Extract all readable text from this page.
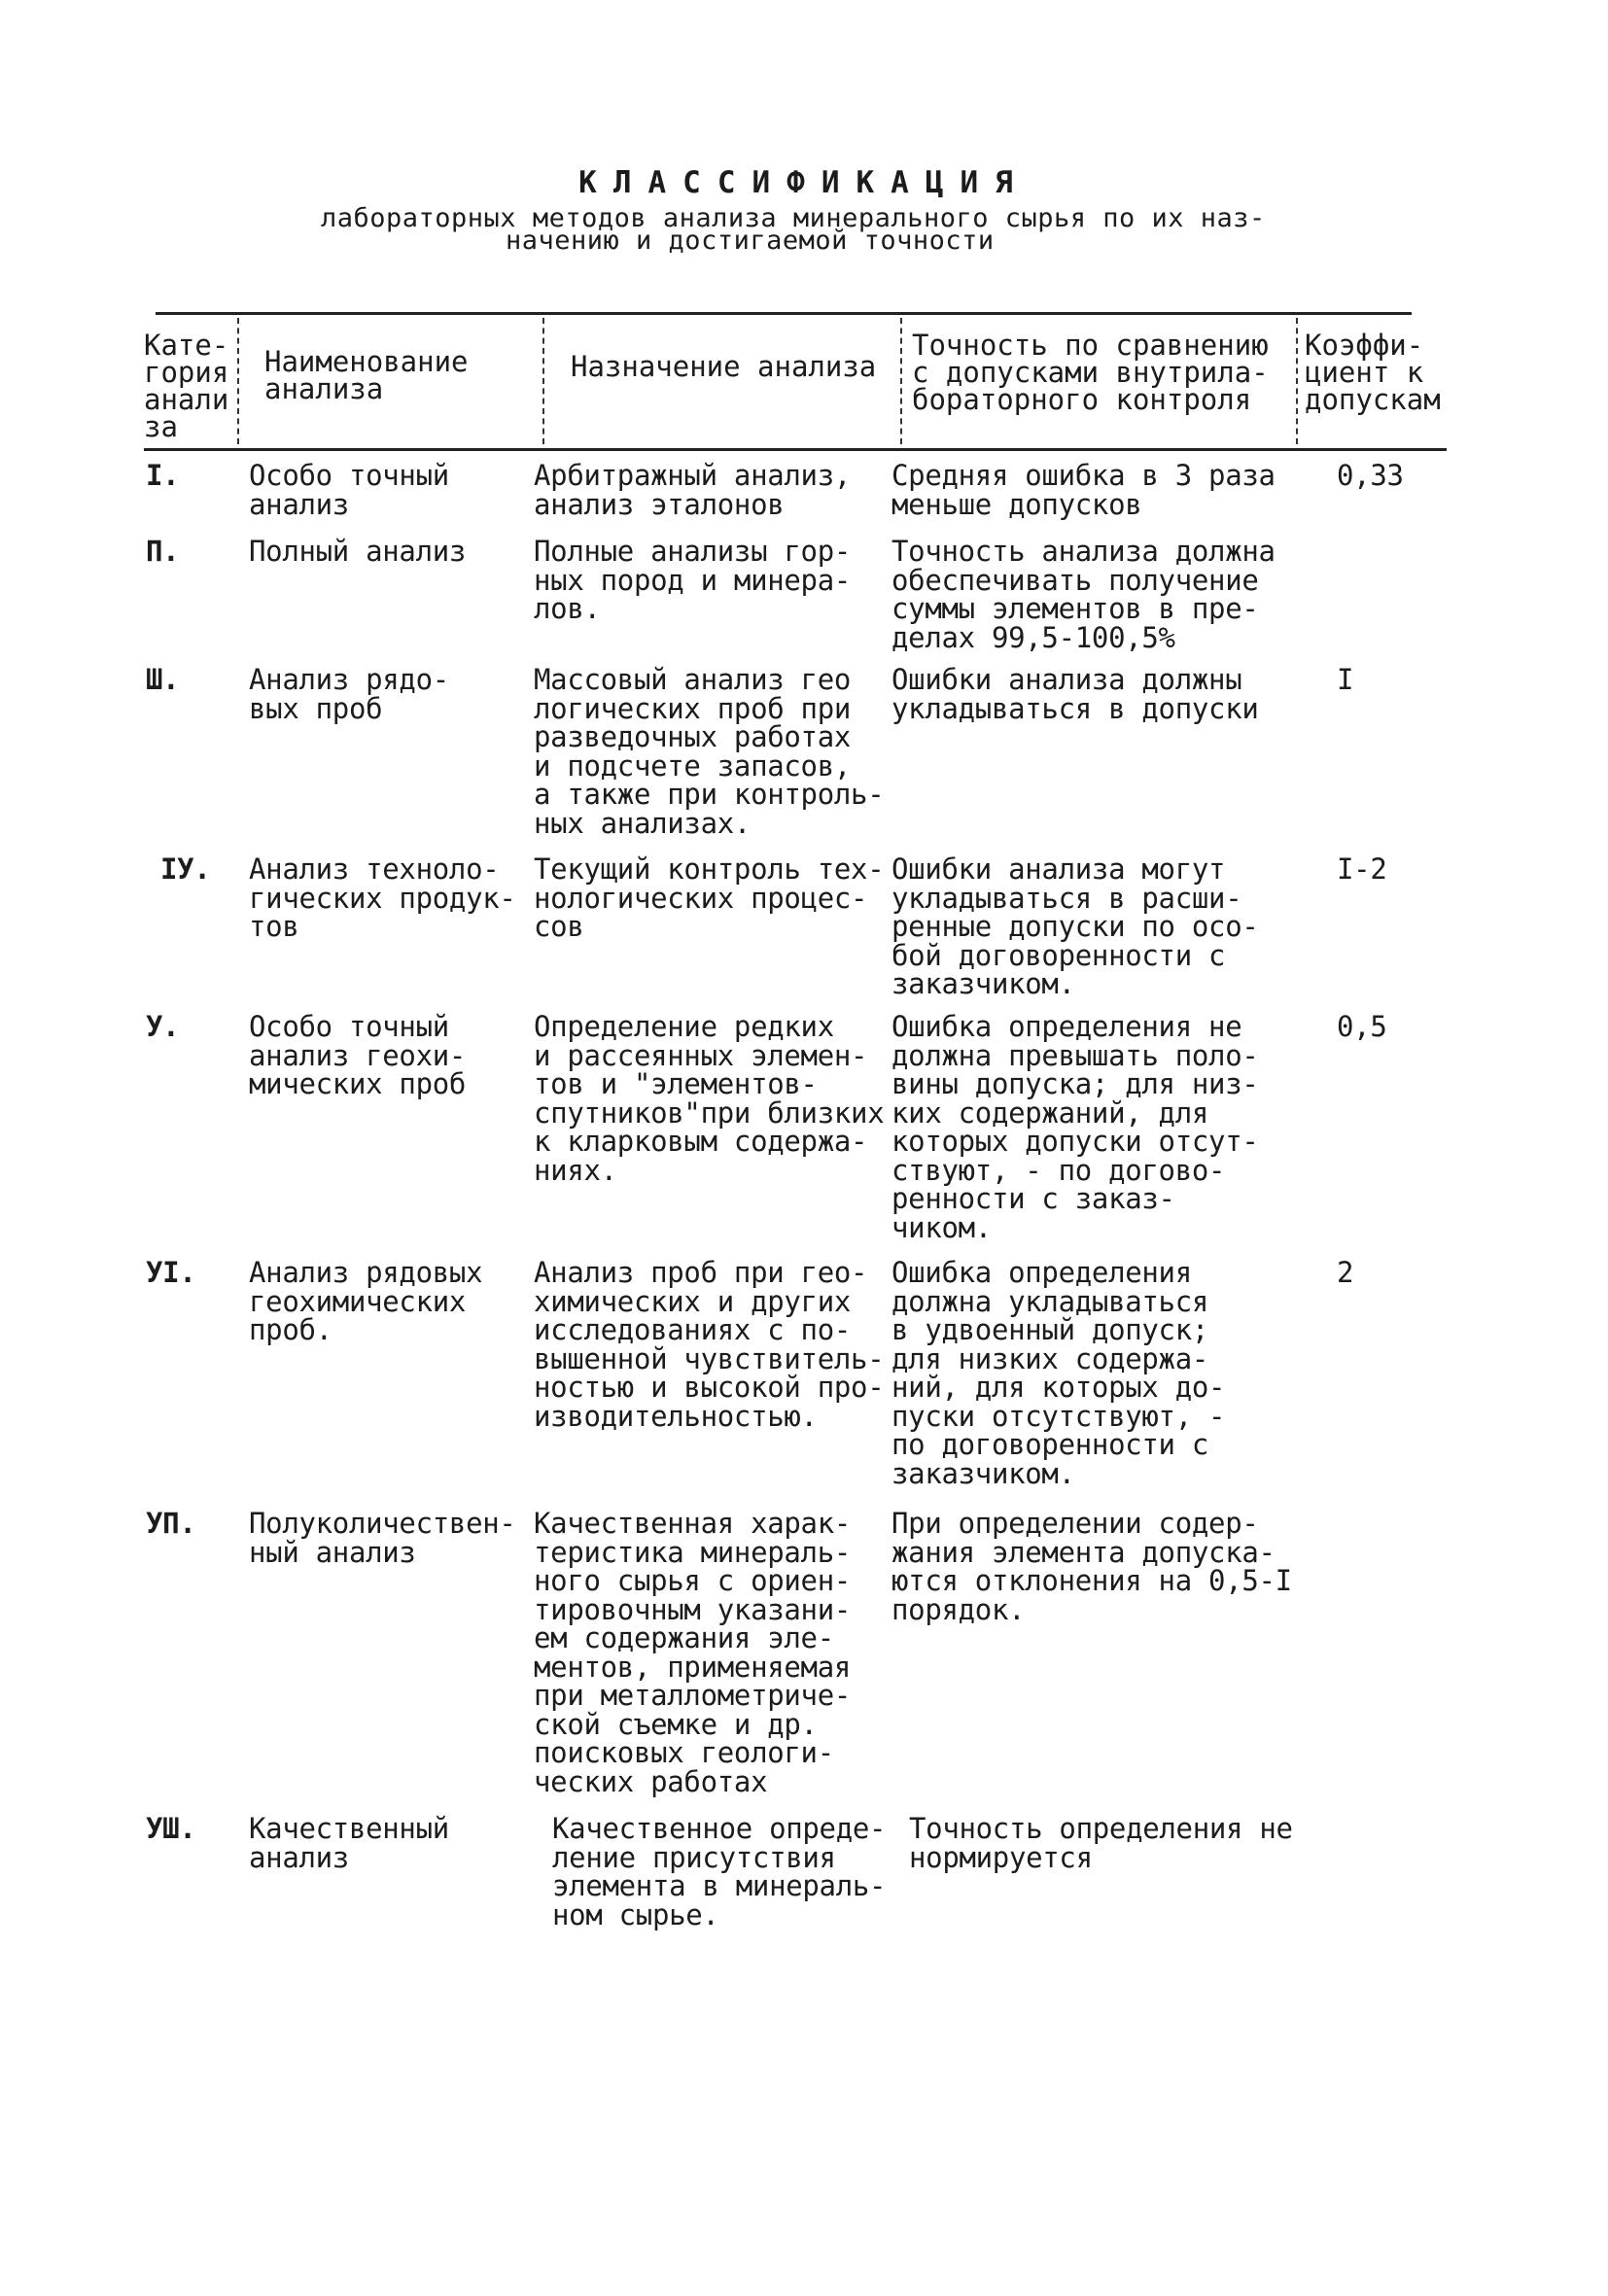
КЛАССИФИКАЦИЯ
лабораторных методов анализа минерального сырья по их наз-
начению и достигаемой точности
Кате-
гория
анали
за
Наименование
анализа
Назначение анализа
Точность по сравнению
с допусками внутрила-
бораторного контроля
Коэффи-
циент к
допускам
I. Особо точный
анализ
Арбитражный анализ,
анализ эталонов
Средняя ошибка в 3 раза
меньше допусков
0,33
П. Полный анализ Полные анализы гор-
ных пород и минера-
лов.
Точность анализа должна
обеспечивать получение
суммы элементов в пре-
делах 99,5-100,5%
Ш. Анализ рядо-
вых проб
Массовый анализ гео
логических проб при
разведочных работах
и подсчете запасов,
а также при контроль-
ных анализах.
Ошибки анализа должны
укладываться в допуски
I
IУ. Анализ техноло-
гических продук-
тов
Текущий контроль тех-
нологических процес-
сов
Ошибки анализа могут
укладываться в расши-
ренные допуски по осо-
бой договоренности с
заказчиком.
I-2
У. Особо точный
анализ геохи-
мических проб
Определение редких
и рассеянных элемен-
тов и "элементов-
спутников"при близких
к кларковым содержа-
ниях.
Ошибка определения не
должна превышать поло-
вины допуска; для низ-
ких содержаний, для
которых допуски отсут-
ствуют, - по догово-
ренности с заказ-
чиком.
0,5
УI. Анализ рядовых
геохимических
проб.
Анализ проб при гео-
химических и других
исследованиях с по-
вышенной чувствитель-
ностью и высокой про-
изводительностью.
Ошибка определения
должна укладываться
в удвоенный допуск;
для низких содержа-
ний, для которых до-
пуски отсутствуют, -
по договоренности с
заказчиком.
2
УП. Полуколичествен-
ный анализ
Качественная харак-
теристика минераль-
ного сырья с ориен-
тировочным указани-
ем содержания эле-
ментов, применяемая
при металлометриче-
ской съемке и др.
поисковых геологи-
ческих работах
При определении содер-
жания элемента допуска-
ются отклонения на 0,5-I
порядок.
УШ. Качественный
анализ
Качественное опреде-
ление присутствия
элемента в минераль-
ном сырье.
Точность определения не
нормируется
